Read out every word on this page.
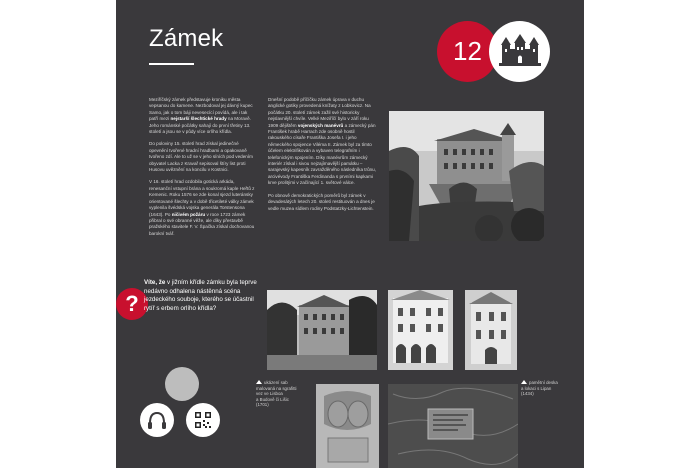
Zámek	12

Meziříčský zámek představuje kroniku města vepsanou do kamene. Nezbodoval jej dávný kupec Samo, jak o tom báji nevesecící povídá, ale i tak patří mezi nejstarší šlechtické hrady na Moravě. Jeho románské počátky sahají do první třetiny 13. století a jsou se v půdy více orlího křídla.

Do poloviny 15. století hrad získal jedinečné opevnění tvořené hradní hradbami a opakovaně tvořeno zdí. Ale to už se v jeho síních pod vedením obyvatel Lacka z Kravař sepisoval štíry list proti Husovu uvěznění na koncilu v Kostnici.

V 16. století hrad ozdobila gotická arkáda, renesanční vstupní brána a soukromá kaple Heřtů z Kemenic. Roku 1576 se zde konal sjezd luteránsky orientované šlechty a v době třicetileté války zámek vyplenila švédská vojska generála Torstensona (1643). Po ničivém požáru v roce 1723 zámek přibral o své obranné věže, ale díky přestavbě pražského stavitele F. V. Špačka získal dochovanou barokní tvář.

Dnešní podobě příčíčku zámek úprava v duchu anglické gotiky provedená knížaty z Lobkovicz. Na počátku 20. století zámek zažil své historicky nejslavnější chvíle. Velké Meziříčí bylo v září roku 1909 dějištěm vojenských manévrů a zámecký pán František hrabě Harrach zde osobně hostil rakouského císaře Františka Josefa I. i jeho německého spojence Viléma II. Zámek byl za tímto účelem elektrifikován a vybaven telegrafním i telefonickým spojením. Díky manévrům zámecký interiér získal i sivou nejzajímavější památku – sarajevský kapesník zavražděného následníka trůnu, arcivévody Františka Ferdinanda s prvními kapkami krve prolitými v začínající 1. světové válce.

Po obnově demokratických poměrů byl zámek v devadesátých letech 20. století restituován a dnes je vedle muzea sídlem rodiny Podstatzky-Lichtenstein.

?
Víte, že v jižním křídle zámku byla teprve nedávno odhalena nástěnná scéna jezdeckého souboje, kterého se účastnil rytíř s erbem orlího křídla?
ukázení sab malovaná na sgrafitti
vez ve Lisboa
a Budově či Lišic
(1701)
pamětní deska
a lokaci s Lipan
(1434)
